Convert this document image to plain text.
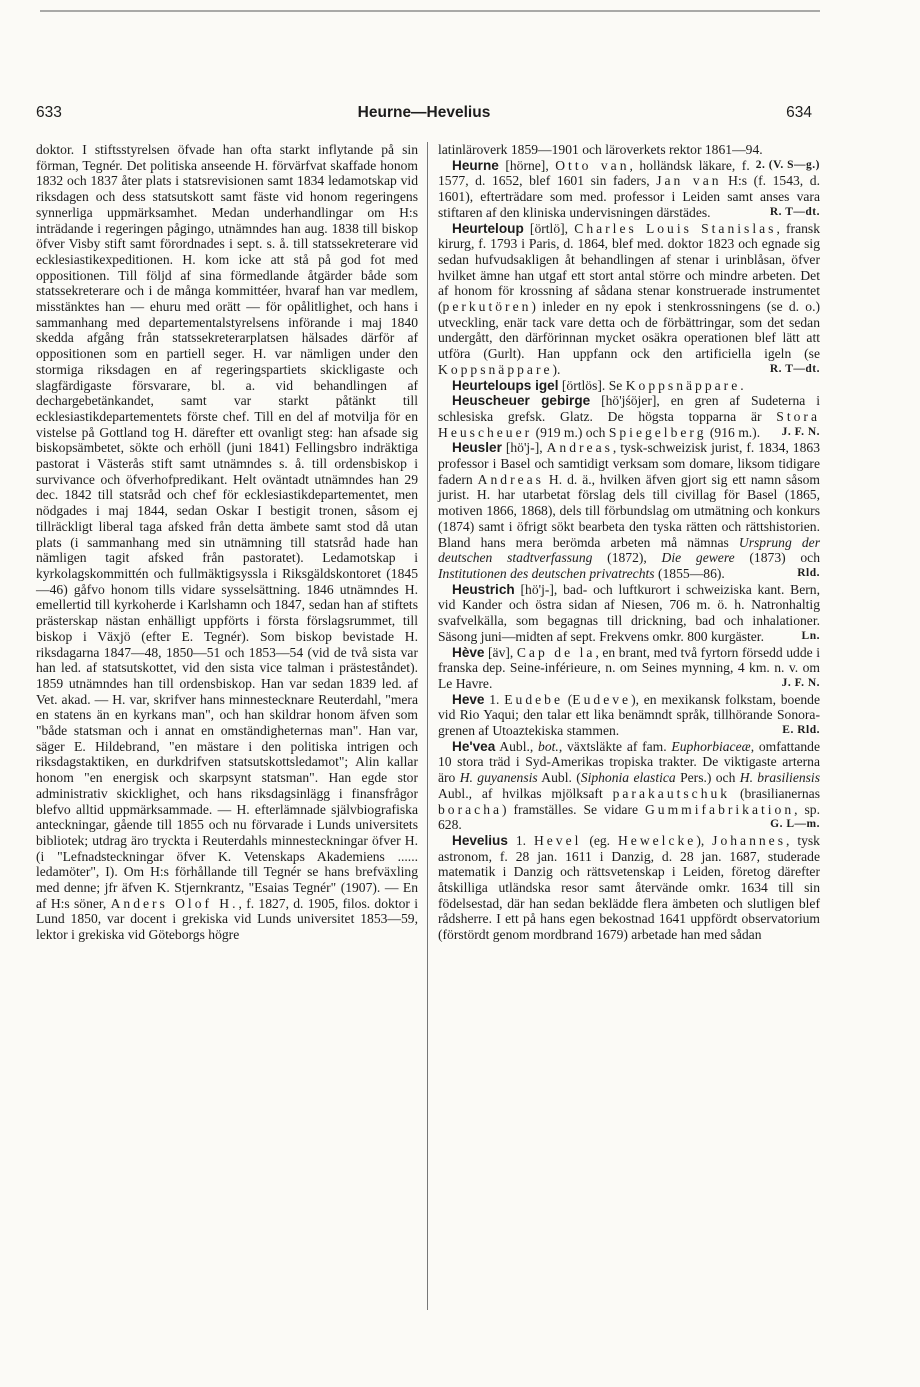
633	Heurne—Hevelius	634

doktor. I stiftsstyrelsen öfvade han ofta starkt inflytande på sin förman, Tegnér. Det politiska anseende H. förvärfvat skaffade honom 1832 och 1837 åter plats i statsrevisionen samt 1834 ledamotskap vid riksdagen och dess statsutskott samt fäste vid honom regeringens synnerliga uppmärksamhet. Medan underhandlingar om H:s inträdande i regeringen pågingo, utnämndes han aug. 1838 till biskop öfver Visby stift samt förordnades i sept. s. å. till statssekreterare vid ecklesiastikexpeditionen. H. kom icke att stå på god fot med oppositionen. Till följd af sina förmedlande åtgärder både som statssekreterare och i de många kommittéer, hvaraf han var medlem, misstänktes han — ehuru med orätt — för opålitlighet, och hans i sammanhang med departementalstyrelsens införande i maj 1840 skedda afgång från statssekreterarplatsen hälsades därför af oppositionen som en partiell seger. H. var nämligen under den stormiga riksdagen en af regeringspartiets skickligaste och slagfärdigaste försvarare, bl. a. vid behandlingen af dechargebetänkandet, samt var starkt påtänkt till ecklesiastikdepartementets förste chef. Till en del af motvilja för en vistelse på Gottland tog H. därefter ett ovanligt steg: han afsade sig biskopsämbetet, sökte och erhöll (juni 1841) Fellingsbro indräktiga pastorat i Västerås stift samt utnämndes s. å. till ordensbiskop i survivance och öfverhofpredikant. Helt oväntadt utnämndes han 29 dec. 1842 till statsråd och chef för ecklesiastikdepartementet, men nödgades i maj 1844, sedan Oskar I bestigit tronen, såsom ej tillräckligt liberal taga afsked från detta ämbete samt stod då utan plats (i sammanhang med sin utnämning till statsråd hade han nämligen tagit afsked från pastoratet). Ledamotskap i kyrkolagskommittén och fullmäktigsyssla i Riksgäldskontoret (1845—46) gåfvo honom tills vidare sysselsättning. 1846 utnämndes H. emellertid till kyrkoherde i Karlshamn och 1847, sedan han af stiftets prästerskap nästan enhälligt uppförts i första förslagsrummet, till biskop i Växjö (efter E. Tegnér). Som biskop bevistade H. riksdagarna 1847—48, 1850—51 och 1853—54 (vid de två sista var han led. af statsutskottet, vid den sista vice talman i prästeståndet). 1859 utnämndes han till ordensbiskop. Han var sedan 1839 led. af Vet. akad. — H. var, skrifver hans minnestecknare Reuterdahl, "mera en statens än en kyrkans man", och han skildrar honom äfven som "både statsman och i annat en omständigheternas man". Han var, säger E. Hildebrand, "en mästare i den politiska intrigen och riksdagstaktiken, en durkdrifven statsutskottsledamot"; Alin kallar honom "en energisk och skarpsynt statsman". Han egde stor administrativ skicklighet, och hans riksdagsinlägg i finansfrågor blefvo alltid uppmärksammade. — H. efterlämnade självbiografiska anteckningar, gående till 1855 och nu förvarade i Lunds universitets bibliotek; utdrag äro tryckta i Reuterdahls minnesteckningar öfver H. (i "Lefnadsteckningar öfver K. Vetenskaps Akademiens ...... ledamöter", I). Om H:s förhållande till Tegnér se hans brefväxling med denne; jfr äfven K. Stjernkrantz, "Esaias Tegnér" (1907). — En af H:s söner, Anders Olof H., f. 1827, d. 1905, filos. doktor i Lund 1850, var docent i grekiska vid Lunds universitet 1853—59, lektor i grekiska vid Göteborgs högre

latinläroverk 1859—1901 och läroverkets rektor 1861—94.
2. (V. S—g.)

Heurne [hörne], Otto van, holländsk läkare, f. 1577, d. 1652, blef 1601 sin faders, Jan van H:s (f. 1543, d. 1601), efterträdare som med. professor i Leiden samt anses vara stiftaren af den kliniska undervisningen därstädes.	R. T—dt.

Heurteloup [örtlö], Charles Louis Stanislas, fransk kirurg, f. 1793 i Paris, d. 1864, blef med. doktor 1823 och egnade sig sedan hufvudsakligen åt behandlingen af stenar i urinblåsan, öfver hvilket ämne han utgaf ett stort antal större och mindre arbeten. Det af honom för krossning af sådana stenar konstruerade instrumentet (perkutören) inleder en ny epok i stenkrossningens (se d. o.) utveckling, enär tack vare detta och de förbättringar, som det sedan undergått, den därförinnan mycket osäkra operationen blef lätt att utföra (Gurlt). Han uppfann ock den artificiella igeln (se Koppsnäppare).	R. T—dt.

Heurteloups igel [örtlös]. Se Koppsnäppare.

Heuscheuer gebirge [hö'jśöjer], en gren af Sudeterna i schlesiska grefsk. Glatz. De högsta topparna är Stora Heuscheuer (919 m.) och Spiegelberg (916 m.).	J. F. N.

Heusler [hö'j-], Andreas, tysk-schweizisk jurist, f. 1834, 1863 professor i Basel och samtidigt verksam som domare, liksom tidigare fadern Andreas H. d. ä., hvilken äfven gjort sig ett namn såsom jurist. H. har utarbetat förslag dels till civillag för Basel (1865, motiven 1866, 1868), dels till förbundslag om utmätning och konkurs (1874) samt i öfrigt sökt bearbeta den tyska rätten och rättshistorien. Bland hans mera berömda arbeten må nämnas Ursprung der deutschen stadtverfassung (1872), Die gewere (1873) och Institutionen des deutschen privatrechts (1855—86).	Rld.

Heustrich [hö'j-], bad- och luftkurort i schweiziska kant. Bern, vid Kander och östra sidan af Niesen, 706 m. ö. h. Natronhaltig svafvelkälla, som begagnas till drickning, bad och inhalationer. Säsong juni—midten af sept. Frekvens omkr. 800 kurgäster.	Ln.

Hève [äv], Cap de la, en brant, med två fyrtorn försedd udde i franska dep. Seine-inférieure, n. om Seines mynning, 4 km. n. v. om Le Havre.	J. F. N.

Heve 1. Eudebe (Eudeve), en mexikansk folkstam, boende vid Rio Yaqui; den talar ett lika benämndt språk, tillhörande Sonora-grenen af Utoaztekiska stammen.	E. Rld.

He'vea Aubl., bot., växtsläkte af fam. Euphorbiaceæ, omfattande 10 stora träd i Syd-Amerikas tropiska trakter. De viktigaste arterna äro H. guyanensis Aubl. (Siphonia elastica Pers.) och H. brasiliensis Aubl., af hvilkas mjölksaft parakautschuk (brasilianernas boracha) framställes. Se vidare Gummifabrikation, sp. 628.	G. L—m.

Hevelius 1. Hevel (eg. Hewelcke), Johannes, tysk astronom, f. 28 jan. 1611 i Danzig, d. 28 jan. 1687, studerade matematik i Danzig och rättsvetenskap i Leiden, företog därefter åtskilliga utländska resor samt återvände omkr. 1634 till sin födelsestad, där han sedan beklädde flera ämbeten och slutligen blef rådsherre. I ett på hans egen bekostnad 1641 uppfördt observatorium (förstördt genom mordbrand 1679) arbetade han med sådan
